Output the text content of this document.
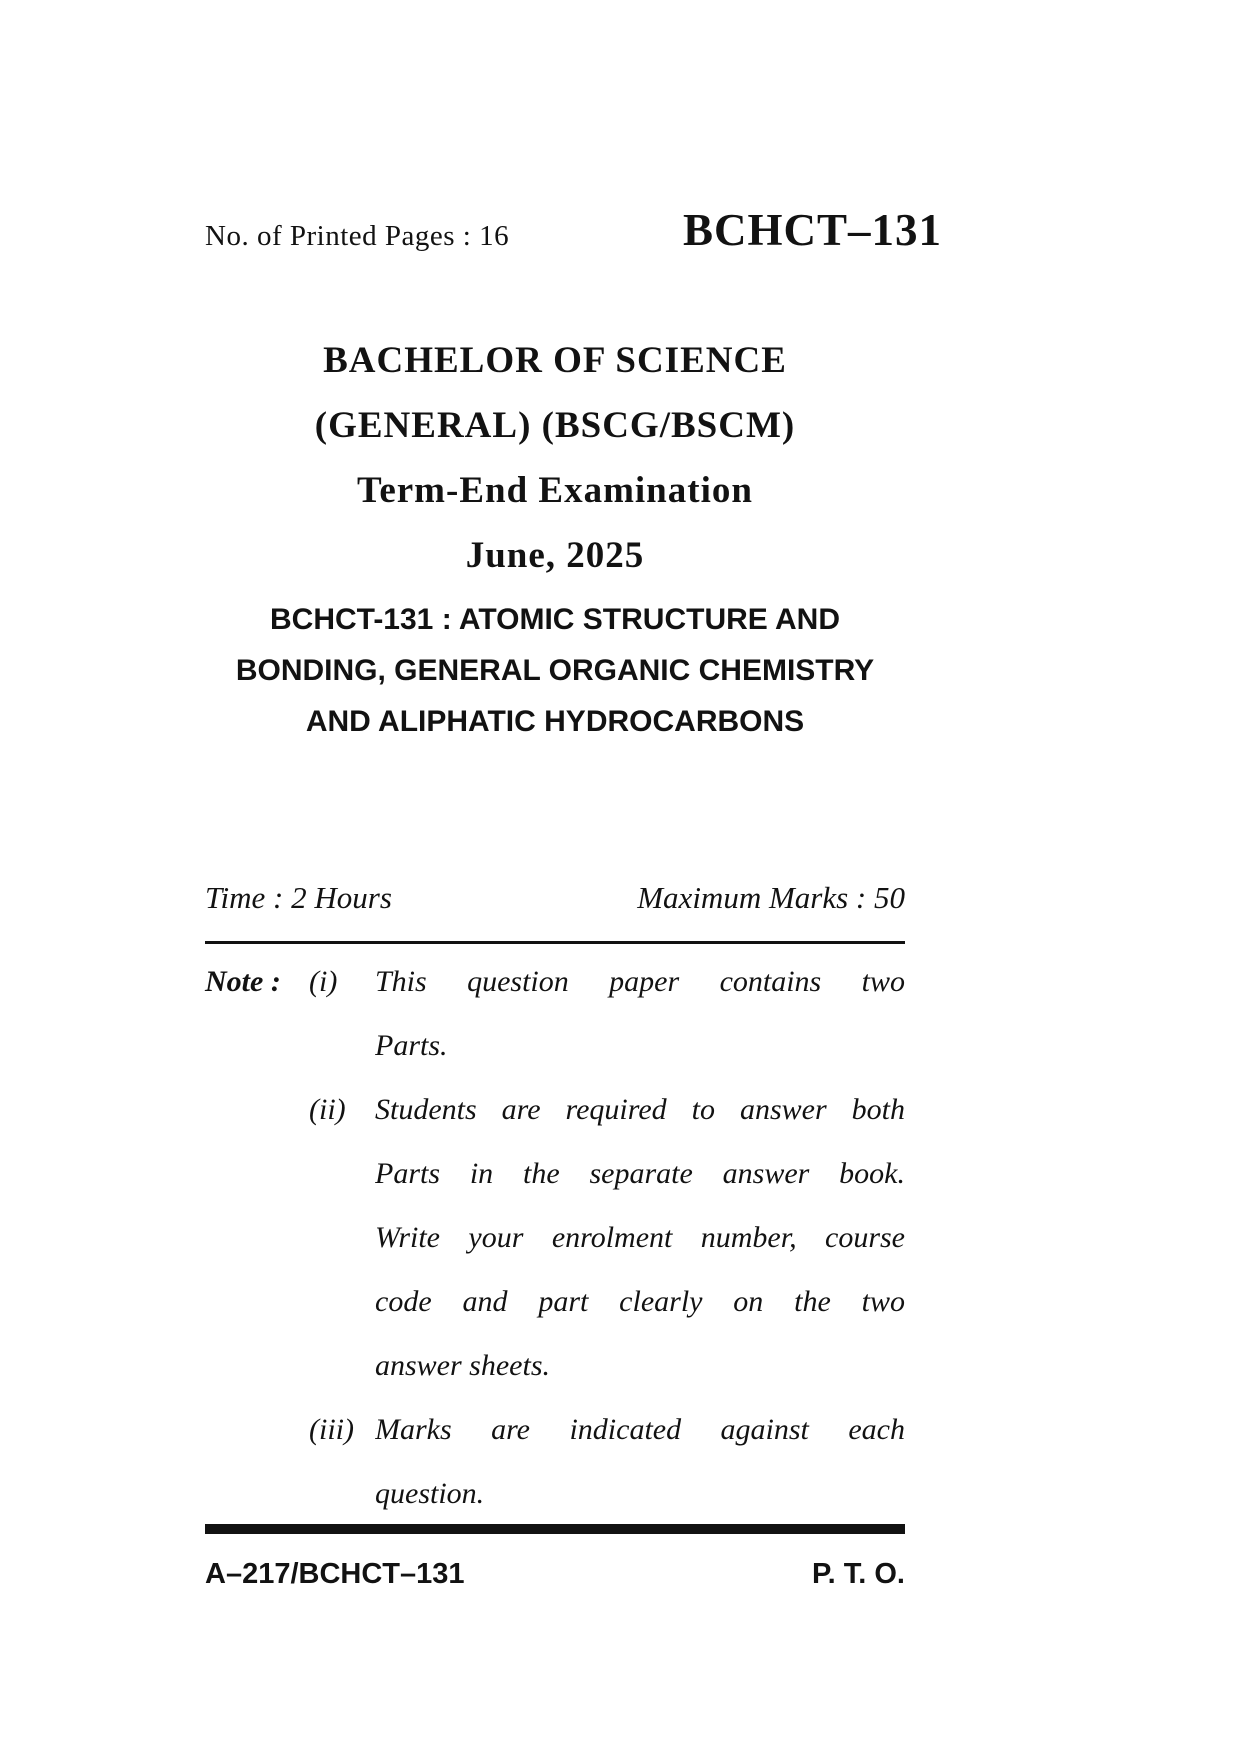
No. of Printed Pages : 16	BCHCT–131
BACHELOR OF SCIENCE
(GENERAL) (BSCG/BSCM)
Term-End Examination
June, 2025
BCHCT-131 : ATOMIC STRUCTURE AND
BONDING, GENERAL ORGANIC CHEMISTRY
AND ALIPHATIC HYDROCARBONS
Time : 2 Hours	Maximum Marks : 50
Note : (i)	This question paper contains two
Parts.
(ii) Students are required to answer both
Parts in the separate answer book.
Write your enrolment number, course
code and part clearly on the two
answer sheets.
(iii) Marks are indicated against each
question.
A–217/BCHCT–131	P. T. O.
